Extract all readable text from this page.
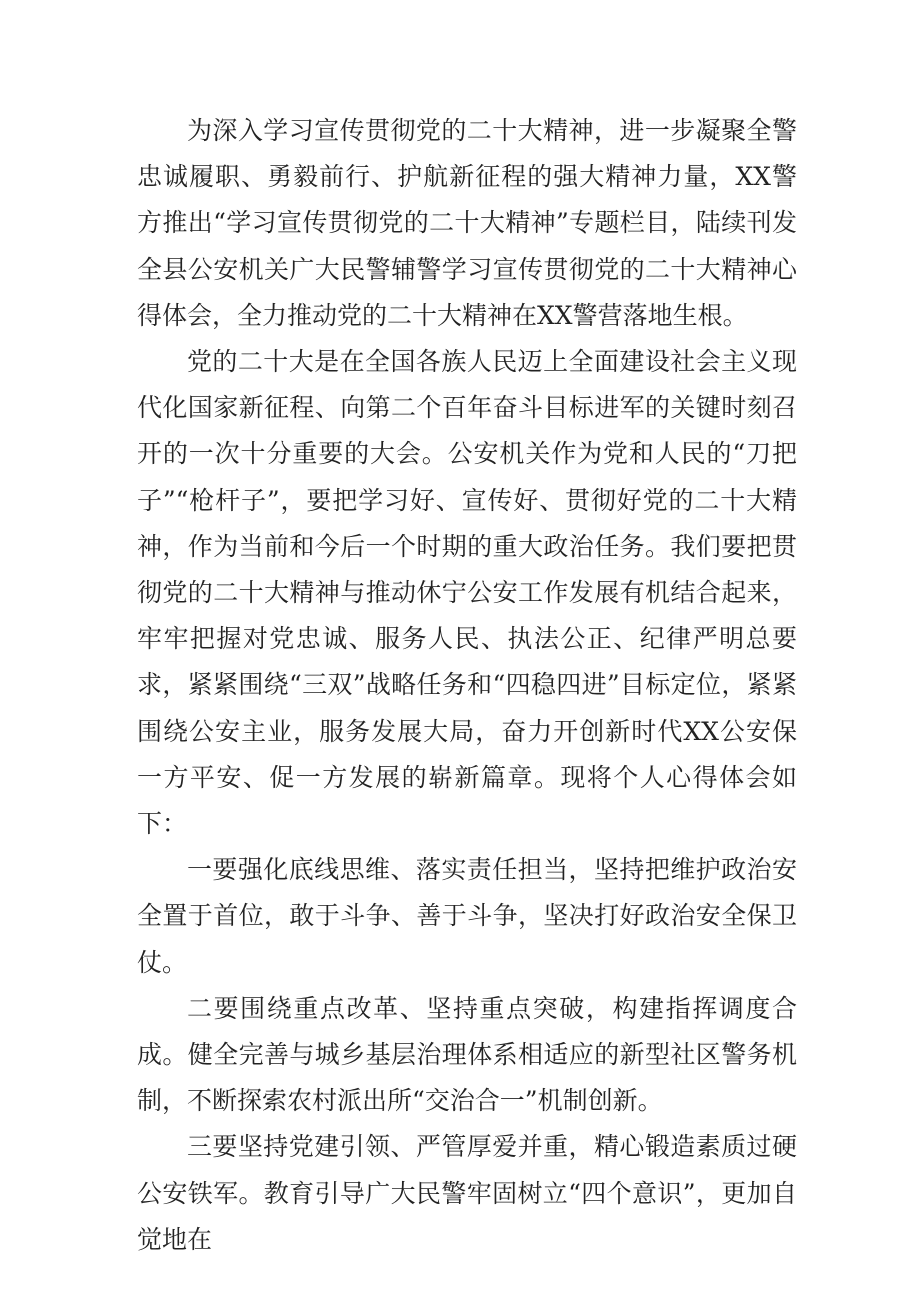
为深入学习宣传贯彻党的二十大精神，进一步凝聚全警忠诚履职、勇毅前行、护航新征程的强大精神力量，XX警方推出“学习宣传贯彻党的二十大精神”专题栏目，陆续刊发全县公安机关广大民警辅警学习宣传贯彻党的二十大精神心得体会，全力推动党的二十大精神在XX警营落地生根。

党的二十大是在全国各族人民迈上全面建设社会主义现代化国家新征程、向第二个百年奋斗目标进军的关键时刻召开的一次十分重要的大会。公安机关作为党和人民的“刀把子”“枪杆子”，要把学习好、宣传好、贯彻好党的二十大精神，作为当前和今后一个时期的重大政治任务。我们要把贯彻党的二十大精神与推动休宁公安工作发展有机结合起来，牢牢把握对党忠诚、服务人民、执法公正、纪律严明总要求，紧紧围绕“三双”战略任务和“四稳四进”目标定位，紧紧围绕公安主业，服务发展大局，奋力开创新时代XX公安保一方平安、促一方发展的崭新篇章。现将个人心得体会如下：

一要强化底线思维、落实责任担当，坚持把维护政治安全置于首位，敢于斗争、善于斗争，坚决打好政治安全保卫仗。

二要围绕重点改革、坚持重点突破，构建指挥调度合成。健全完善与城乡基层治理体系相适应的新型社区警务机制，不断探索农村派出所“交治合一”机制创新。

三要坚持党建引领、严管厚爱并重，精心锻造素质过硬公安铁军。教育引导广大民警牢固树立“四个意识”，更加自觉地在
